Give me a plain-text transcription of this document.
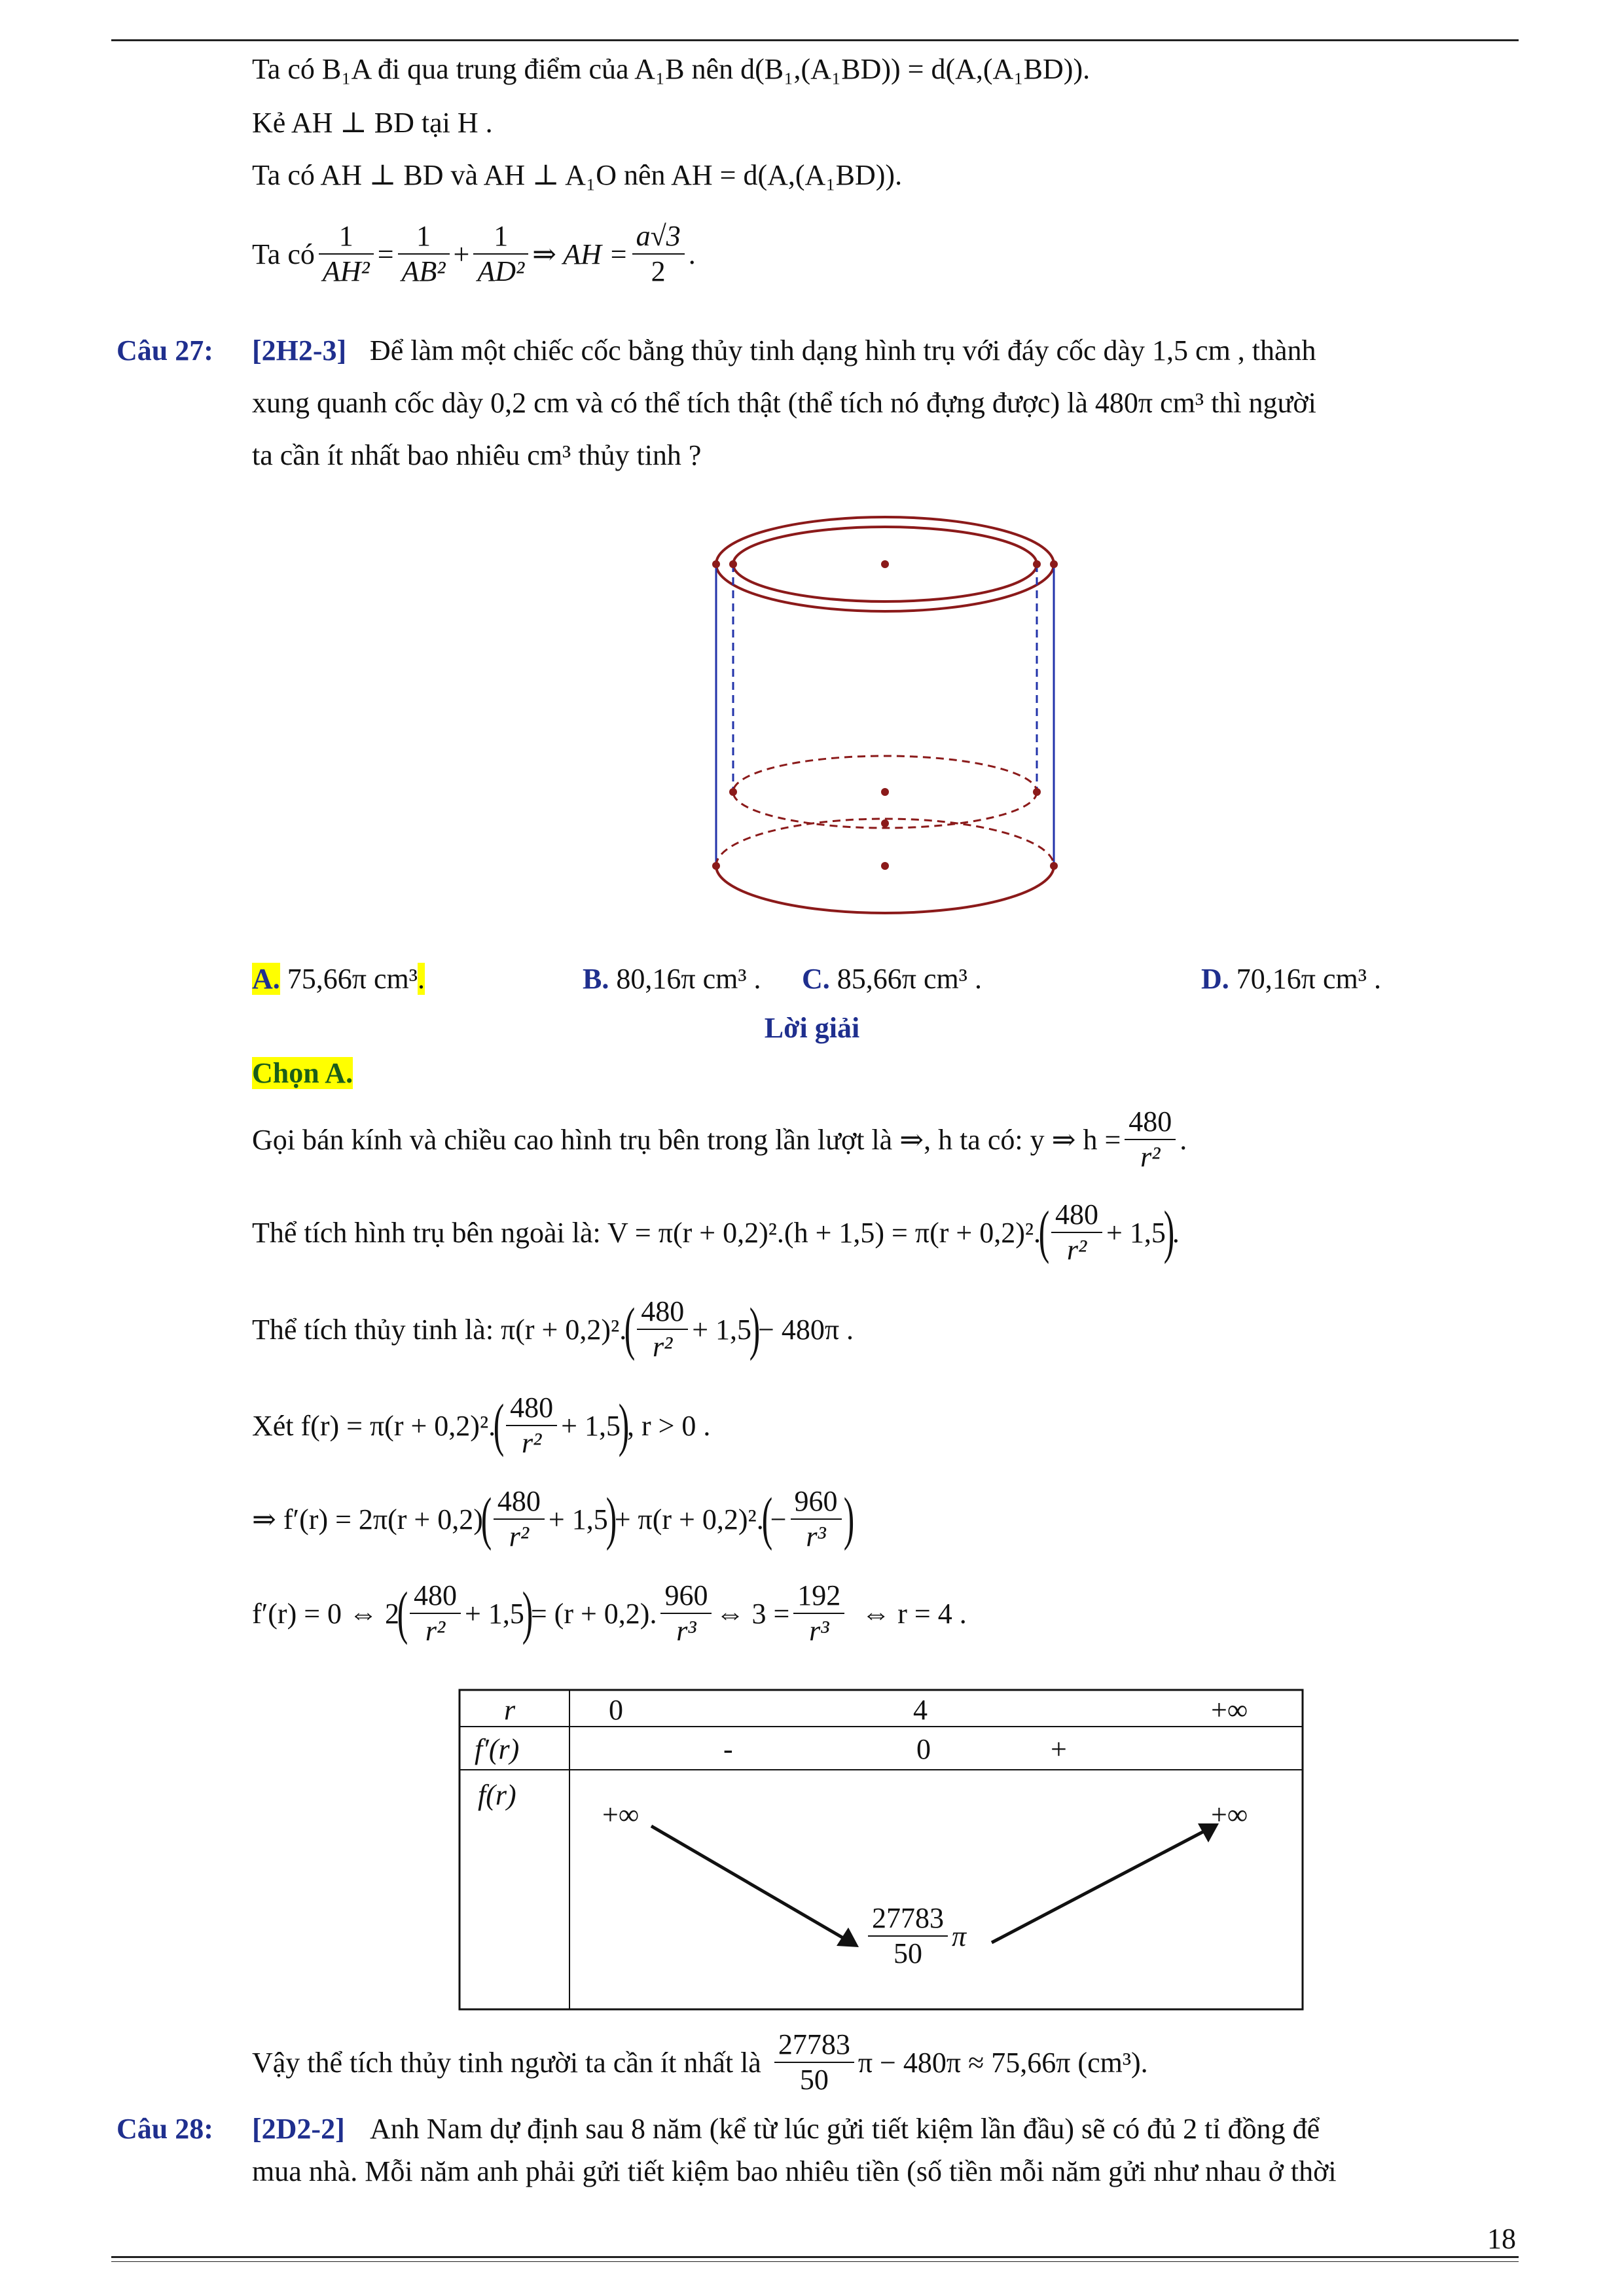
Ta có B₁A đi qua trung điểm của A₁B nên d(B₁,(A₁BD)) = d(A,(A₁BD)).
Kẻ AH ⊥ BD tại H .
Ta có AH ⊥ BD và AH ⊥ A₁O nên AH = d(A,(A₁BD)).
Ta có $\frac{1}{\text{AH²}} = \frac{1}{\text{AB²}} + \frac{1}{\text{AD²}}$ ⇒ AH = $\frac{a√3}{2}$ .
Câu 27: [2H2-3] Để làm một chiếc cốc bằng thủy tinh dạng hình trụ với đáy cốc dày 1,5 cm , thành
xung quanh cốc dày 0,2 cm và có thể tích thật (thể tích nó đựng được) là 480π cm³ thì người
ta cần ít nhất bao nhiêu cm³ thủy tinh ?
A. 75,66π cm³.	B. 80,16π cm³ . C. 85,66π cm³ .	D. 70,16π cm³ .
Lời giải
Chọn A.
Gọi bán kính và chiều cao hình trụ bên trong lần lượt là ⇒, h ta có: y ⇒ $h = \frac{480}{\text{r²}}$ .
Thể tích hình trụ bên ngoài là: V = π(r + 0,2)².(h + 1,5) = π(r + 0,2)².
( $\frac{480}{\text{r²}} + 1,5$
)
.
Thể tích thủy tinh là: π(r + 0,2)².
( $\frac{480}{\text{r²}} + 1,5$
)
− 480π .
Xét f(r) = π(r + 0,2)².
( $\frac{480}{\text{r²}} + 1,5$
)
, r > 0 .
⇒ f′(r) = 2π(r + 0,2)
( $\frac{480}{\text{r²}} + 1,5$
)
+ π(r + 0,2)².
(
− $\frac{960}{\text{r³}}$ )
f′(r) = 0 ⇔ 2
( $\frac{480}{\text{r²}} + 1,5$
)
= (r + 0,2). $\frac{960}{\text{r³}}$ ⇔ $3 = \frac{192}{\text{r³}}$ ⇔ r = 4 .
r	0	4	+∞
f′(r)	-	0	+
f(r)
+∞	+∞
$\frac{27783}{50}$ π
Vậy thể tích thủy tinh người ta cần ít nhất là $\frac{27783}{50}$ π − 480π ≈ 75,66π (cm³).
Câu 28: [2D2-2] Anh Nam dự định sau 8 năm (kể từ lúc gửi tiết kiệm lần đầu) sẽ có đủ 2 tỉ đồng để
mua nhà. Mỗi năm anh phải gửi tiết kiệm bao nhiêu tiền (số tiền mỗi năm gửi như nhau ở thời
18
